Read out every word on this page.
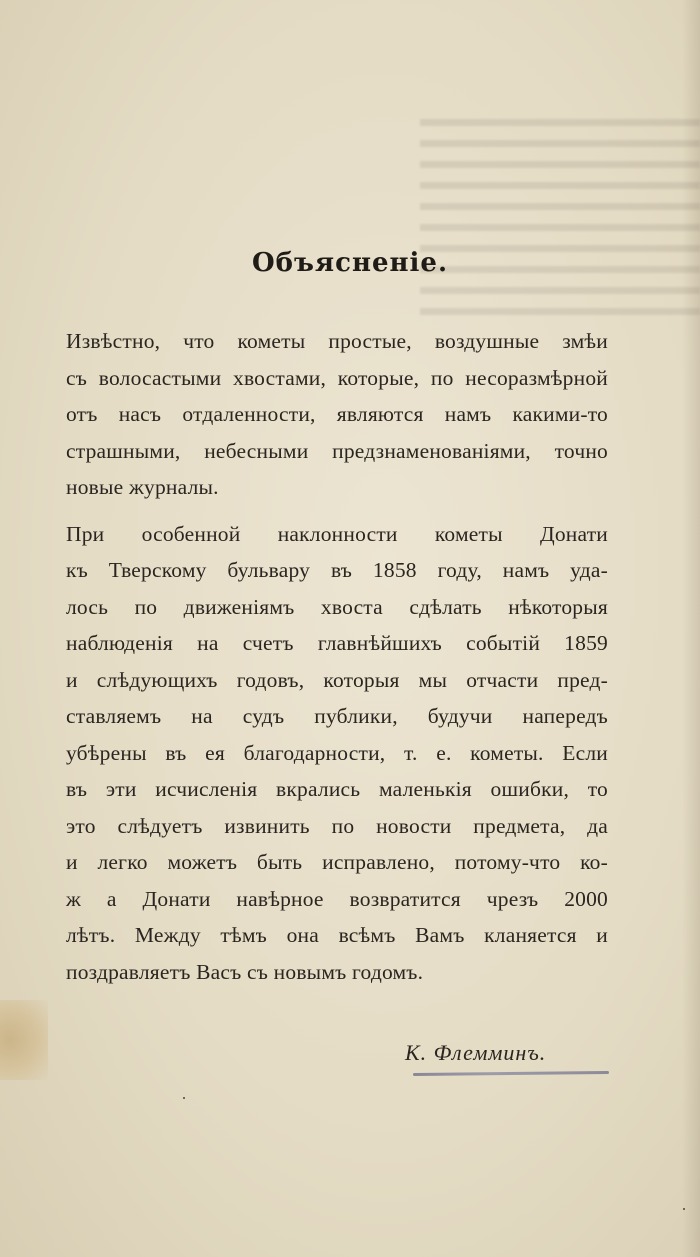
Объясненіе.
Извѣстно, что кометы простые, воздушные змѣи
съ волосастыми хвостами, которые, по несоразмѣрной
отъ насъ отдаленности, являются намъ какими-то
страшными, небесными предзнаменованіями, точно
новые журналы.
При особенной наклонности кометы Донати
къ Тверскому бульвару въ 1858 году, намъ уда-
лось по движеніямъ хвоста сдѣлать нѣкоторыя
наблюденія на счетъ главнѣйшихъ событій 1859
и слѣдующихъ годовъ, которыя мы отчасти пред-
ставляемъ на судъ публики, будучи напередъ
убѣрены въ ея благодарности, т. е. кометы. Если
въ эти исчисленія вкрались маленькія ошибки, то
это слѣдуетъ извинить по новости предмета, да
и легко можетъ быть исправлено, потому-что ко-
ж а Донати навѣрное возвратится чрезъ 2000
лѣтъ. Между тѣмъ она всѣмъ Вамъ кланяется и
поздравляетъ Васъ съ новымъ годомъ.
К. Флемминъ.
